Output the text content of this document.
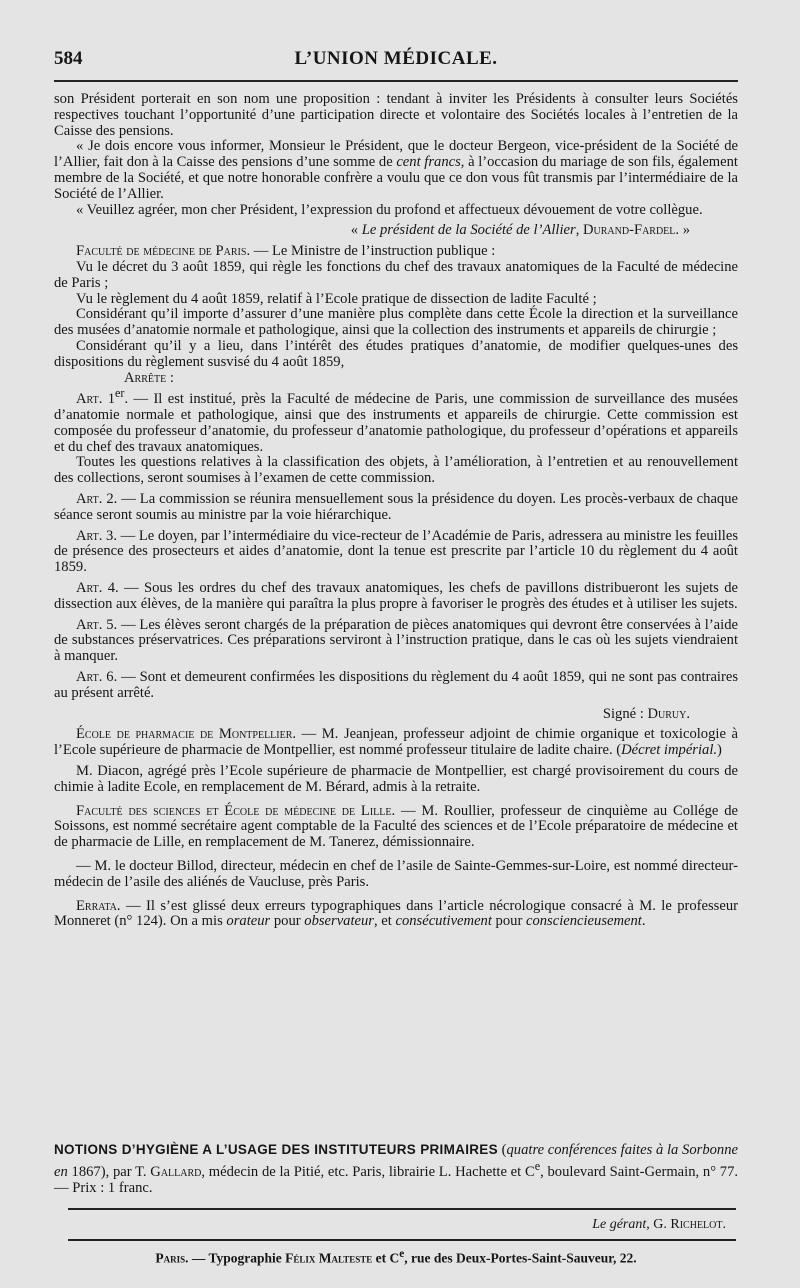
L’UNION MÉDICALE.
584

son Président porterait en son nom une proposition : tendant à inviter les Présidents à consulter leurs Sociétés respectives touchant l’opportunité d’une participation directe et volontaire des Sociétés locales à l’entretien de la Caisse des pensions.

« Je dois encore vous informer, Monsieur le Président, que le docteur Bergeon, vice-président de la Société de l’Allier, fait don à la Caisse des pensions d’une somme de cent francs, à l’occasion du mariage de son fils, également membre de la Société, et que notre honorable confrère a voulu que ce don vous fût transmis par l’intermédiaire de la Société de l’Allier.

« Veuillez agréer, mon cher Président, l’expression du profond et affectueux dévouement de votre collègue.

« Le président de la Société de l’Allier, Durand-Fardel. »

Faculté de médecine de Paris. — Le Ministre de l’instruction publique :

Vu le décret du 3 août 1859, qui règle les fonctions du chef des travaux anatomiques de la Faculté de médecine de Paris ;

Vu le règlement du 4 août 1859, relatif à l’Ecole pratique de dissection de ladite Faculté ;

Considérant qu’il importe d’assurer d’une manière plus complète dans cette École la direction et la surveillance des musées d’anatomie normale et pathologique, ainsi que la collection des instruments et appareils de chirurgie ;

Considérant qu’il y a lieu, dans l’intérêt des études pratiques d’anatomie, de modifier quelques-unes des dispositions du règlement susvisé du 4 août 1859,

Arrête :

Art. 1er. — Il est institué, près la Faculté de médecine de Paris, une commission de surveillance des musées d’anatomie normale et pathologique, ainsi que des instruments et appareils de chirurgie. Cette commission est composée du professeur d’anatomie, du professeur d’anatomie pathologique, du professeur d’opérations et appareils et du chef des travaux anatomiques.

Toutes les questions relatives à la classification des objets, à l’amélioration, à l’entretien et au renouvellement des collections, seront soumises à l’examen de cette commission.

Art. 2. — La commission se réunira mensuellement sous la présidence du doyen. Les procès-verbaux de chaque séance seront soumis au ministre par la voie hiérarchique.

Art. 3. — Le doyen, par l’intermédiaire du vice-recteur de l’Académie de Paris, adressera au ministre les feuilles de présence des prosecteurs et aides d’anatomie, dont la tenue est prescrite par l’article 10 du règlement du 4 août 1859.

Art. 4. — Sous les ordres du chef des travaux anatomiques, les chefs de pavillons distribueront les sujets de dissection aux élèves, de la manière qui paraîtra la plus propre à favoriser le progrès des études et à utiliser les sujets.

Art. 5. — Les élèves seront chargés de la préparation de pièces anatomiques qui devront être conservées à l’aide de substances préservatrices. Ces préparations serviront à l’instruction pratique, dans le cas où les sujets viendraient à manquer.

Art. 6. — Sont et demeurent confirmées les dispositions du règlement du 4 août 1859, qui ne sont pas contraires au présent arrêté.

Signé : Duruy.

École de pharmacie de Montpellier. — M. Jeanjean, professeur adjoint de chimie organique et toxicologie à l’Ecole supérieure de pharmacie de Montpellier, est nommé professeur titulaire de ladite chaire. (Décret impérial.)

M. Diacon, agrégé près l’Ecole supérieure de pharmacie de Montpellier, est chargé provisoirement du cours de chimie à ladite Ecole, en remplacement de M. Bérard, admis à la retraite.

Faculté des sciences et École de médecine de Lille. — M. Roullier, professeur de cinquième au Collége de Soissons, est nommé secrétaire agent comptable de la Faculté des sciences et de l’Ecole préparatoire de médecine et de pharmacie de Lille, en remplacement de M. Tanerez, démissionnaire.

— M. le docteur Billod, directeur, médecin en chef de l’asile de Sainte-Gemmes-sur-Loire, est nommé directeur-médecin de l’asile des aliénés de Vaucluse, près Paris.

Errata. — Il s’est glissé deux erreurs typographiques dans l’article nécrologique consacré à M. le professeur Monneret (n° 124). On a mis orateur pour observateur, et consécutivement pour consciencieusement.

NOTIONS D’HYGIÈNE A L’USAGE DES INSTITUTEURS PRIMAIRES (quatre conférences faites à la Sorbonne en 1867), par T. Gallard, médecin de la Pitié, etc. Paris, librairie L. Hachette et Ce, boulevard Saint-Germain, n° 77. — Prix : 1 franc.
Le gérant, G. Richelot.
Paris. — Typographie Félix Malteste et Ce, rue des Deux-Portes-Saint-Sauveur, 22.
